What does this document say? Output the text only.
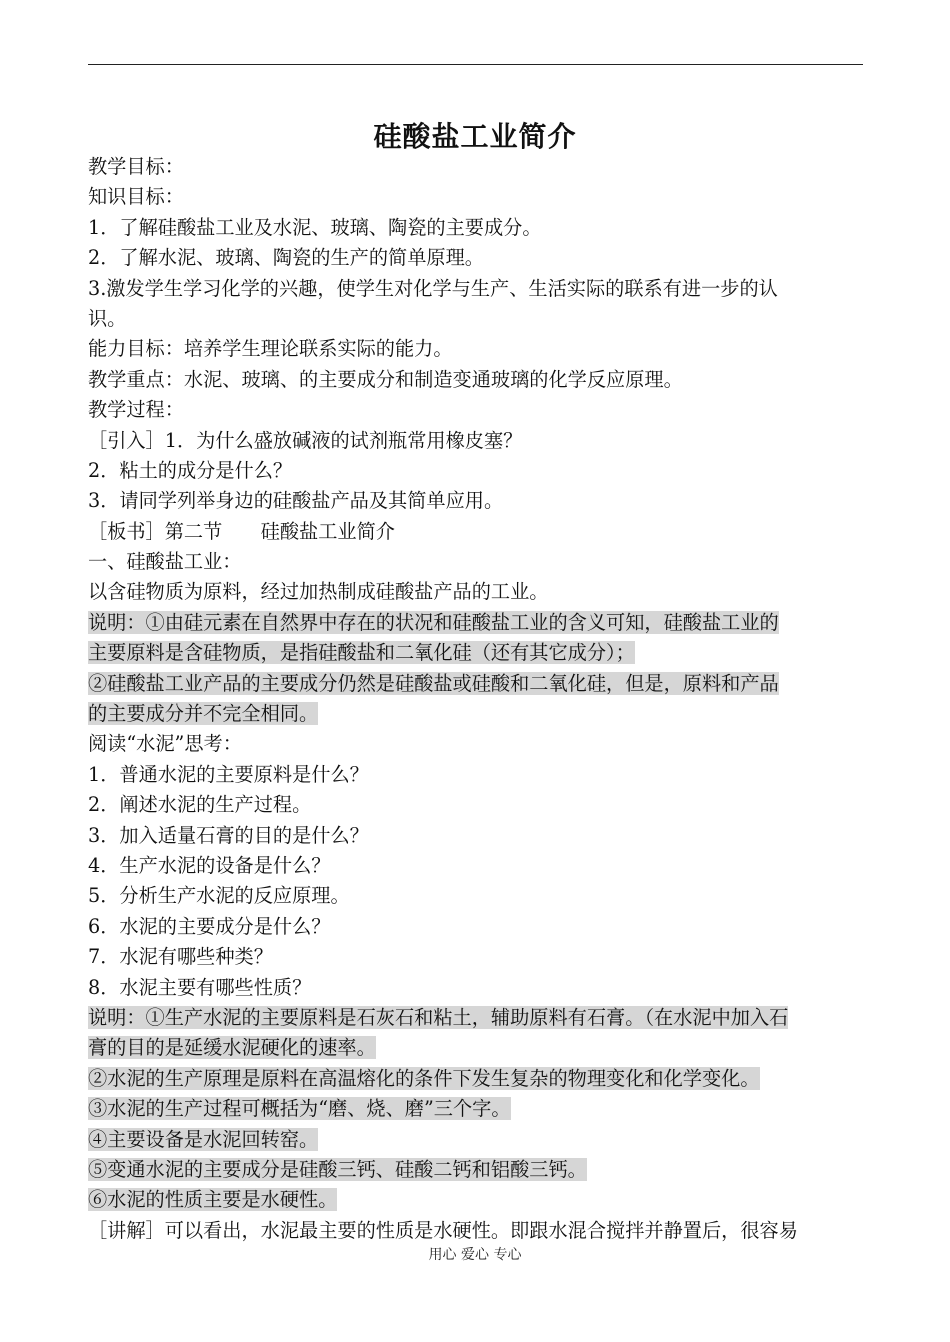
硅酸盐工业简介
教学目标：
知识目标：
1．了解硅酸盐工业及水泥、玻璃、陶瓷的主要成分。
2．了解水泥、玻璃、陶瓷的生产的简单原理。
3.激发学生学习化学的兴趣，使学生对化学与生产、生活实际的联系有进一步的认
识。
能力目标：培养学生理论联系实际的能力。
教学重点：水泥、玻璃、的主要成分和制造变通玻璃的化学反应原理。
教学过程：
［引入］1．为什么盛放碱液的试剂瓶常用橡皮塞？
2．粘土的成分是什么？
3．请同学列举身边的硅酸盐产品及其简单应用。
［板书］第二节　　硅酸盐工业简介
一、硅酸盐工业：
以含硅物质为原料，经过加热制成硅酸盐产品的工业。
说明：①由硅元素在自然界中存在的状况和硅酸盐工业的含义可知，硅酸盐工业的
主要原料是含硅物质，是指硅酸盐和二氧化硅（还有其它成分）；
②硅酸盐工业产品的主要成分仍然是硅酸盐或硅酸和二氧化硅，但是，原料和产品
的主要成分并不完全相同。
阅读“水泥”思考：
1．普通水泥的主要原料是什么？
2．阐述水泥的生产过程。
3．加入适量石膏的目的是什么？
4．生产水泥的设备是什么？
5．分析生产水泥的反应原理。
6．水泥的主要成分是什么？
7．水泥有哪些种类？
8．水泥主要有哪些性质？
说明：①生产水泥的主要原料是石灰石和粘土，辅助原料有石膏。（在水泥中加入石
膏的目的是延缓水泥硬化的速率。
②水泥的生产原理是原料在高温熔化的条件下发生复杂的物理变化和化学变化。
③水泥的生产过程可概括为“磨、烧、磨”三个字。
④主要设备是水泥回转窑。
⑤变通水泥的主要成分是硅酸三钙、硅酸二钙和铝酸三钙。
⑥水泥的性质主要是水硬性。
［讲解］可以看出，水泥最主要的性质是水硬性。即跟水混合搅拌并静置后，很容易
用心 爱心 专心
